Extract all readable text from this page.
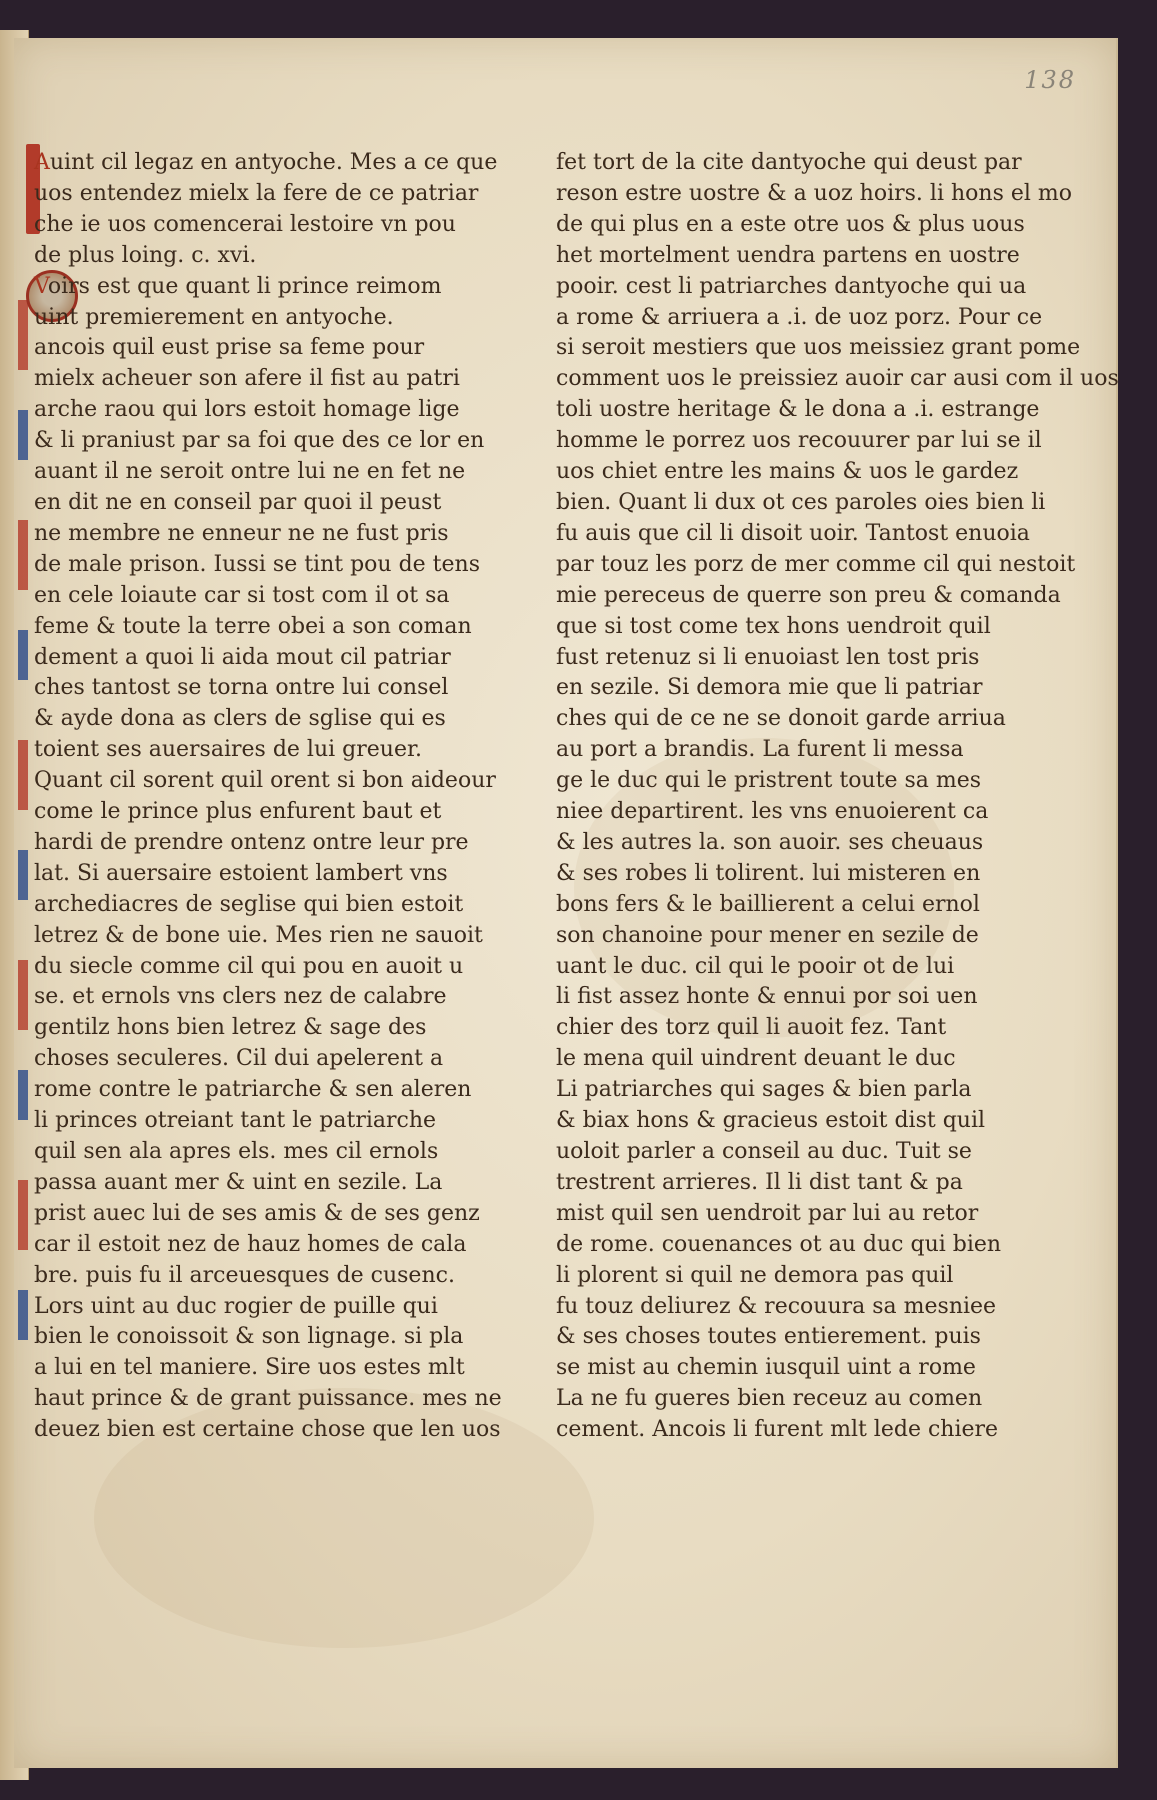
138
Auint cil legaz en antyoche. Mes a ce que
uos entendez mielx la fere de ce patriar
che ie uos comencerai lestoire vn pou
de plus loing. c. xvi.
Voirs est que quant li prince reimom
uint premierement en antyoche.
ancois quil eust prise sa feme pour
mielx acheuer son afere il fist au patri
arche raou qui lors estoit homage lige
& li praniust par sa foi que des ce lor en
auant il ne seroit ontre lui ne en fet ne
en dit ne en conseil par quoi il peust
ne membre ne enneur ne ne fust pris
de male prison. Iussi se tint pou de tens
en cele loiaute car si tost com il ot sa
feme & toute la terre obei a son coman
dement a quoi li aida mout cil patriar
ches tantost se torna ontre lui consel
& ayde dona as clers de sglise qui es
toient ses auersaires de lui greuer.
Quant cil sorent quil orent si bon aideour
come le prince plus enfurent baut et
hardi de prendre ontenz ontre leur pre
lat. Si auersaire estoient lambert vns
archediacres de seglise qui bien estoit
letrez & de bone uie. Mes rien ne sauoit
du siecle comme cil qui pou en auoit u
se. et ernols vns clers nez de calabre
gentilz hons bien letrez & sage des
choses seculeres. Cil dui apelerent a
rome contre le patriarche & sen aleren
li princes otreiant tant le patriarche
quil sen ala apres els. mes cil ernols
passa auant mer & uint en sezile. La
prist auec lui de ses amis & de ses genz
car il estoit nez de hauz homes de cala
bre. puis fu il arceuesques de cusenc.
Lors uint au duc rogier de puille qui
bien le conoissoit & son lignage. si pla
a lui en tel maniere. Sire uos estes mlt
haut prince & de grant puissance. mes ne
deuez bien est certaine chose que len uos
fet tort de la cite dantyoche qui deust par
reson estre uostre & a uoz hoirs. li hons el mo
de qui plus en a este otre uos & plus uous
het mortelment uendra partens en uostre
pooir. cest li patriarches dantyoche qui ua
a rome & arriuera a .i. de uoz porz. Pour ce
si seroit mestiers que uos meissiez grant pome
comment uos le preissiez auoir car ausi com il uos
toli uostre heritage & le dona a .i. estrange
homme le porrez uos recouurer par lui se il
uos chiet entre les mains & uos le gardez
bien. Quant li dux ot ces paroles oies bien li
fu auis que cil li disoit uoir. Tantost enuoia
par touz les porz de mer comme cil qui nestoit
mie pereceus de querre son preu & comanda
que si tost come tex hons uendroit quil
fust retenuz si li enuoiast len tost pris
en sezile. Si demora mie que li patriar
ches qui de ce ne se donoit garde arriua
au port a brandis. La furent li messa
ge le duc qui le pristrent toute sa mes
niee departirent. les vns enuoierent ca
& les autres la. son auoir. ses cheuaus
& ses robes li tolirent. lui misteren en
bons fers & le baillierent a celui ernol
son chanoine pour mener en sezile de
uant le duc. cil qui le pooir ot de lui
li fist assez honte & ennui por soi uen
chier des torz quil li auoit fez. Tant
le mena quil uindrent deuant le duc
Li patriarches qui sages & bien parla
& biax hons & gracieus estoit dist quil
uoloit parler a conseil au duc. Tuit se
trestrent arrieres. Il li dist tant & pa
mist quil sen uendroit par lui au retor
de rome. couenances ot au duc qui bien
li plorent si quil ne demora pas quil
fu touz deliurez & recouura sa mesniee
& ses choses toutes entierement. puis
se mist au chemin iusquil uint a rome
La ne fu gueres bien receuz au comen
cement. Ancois li furent mlt lede chiere
